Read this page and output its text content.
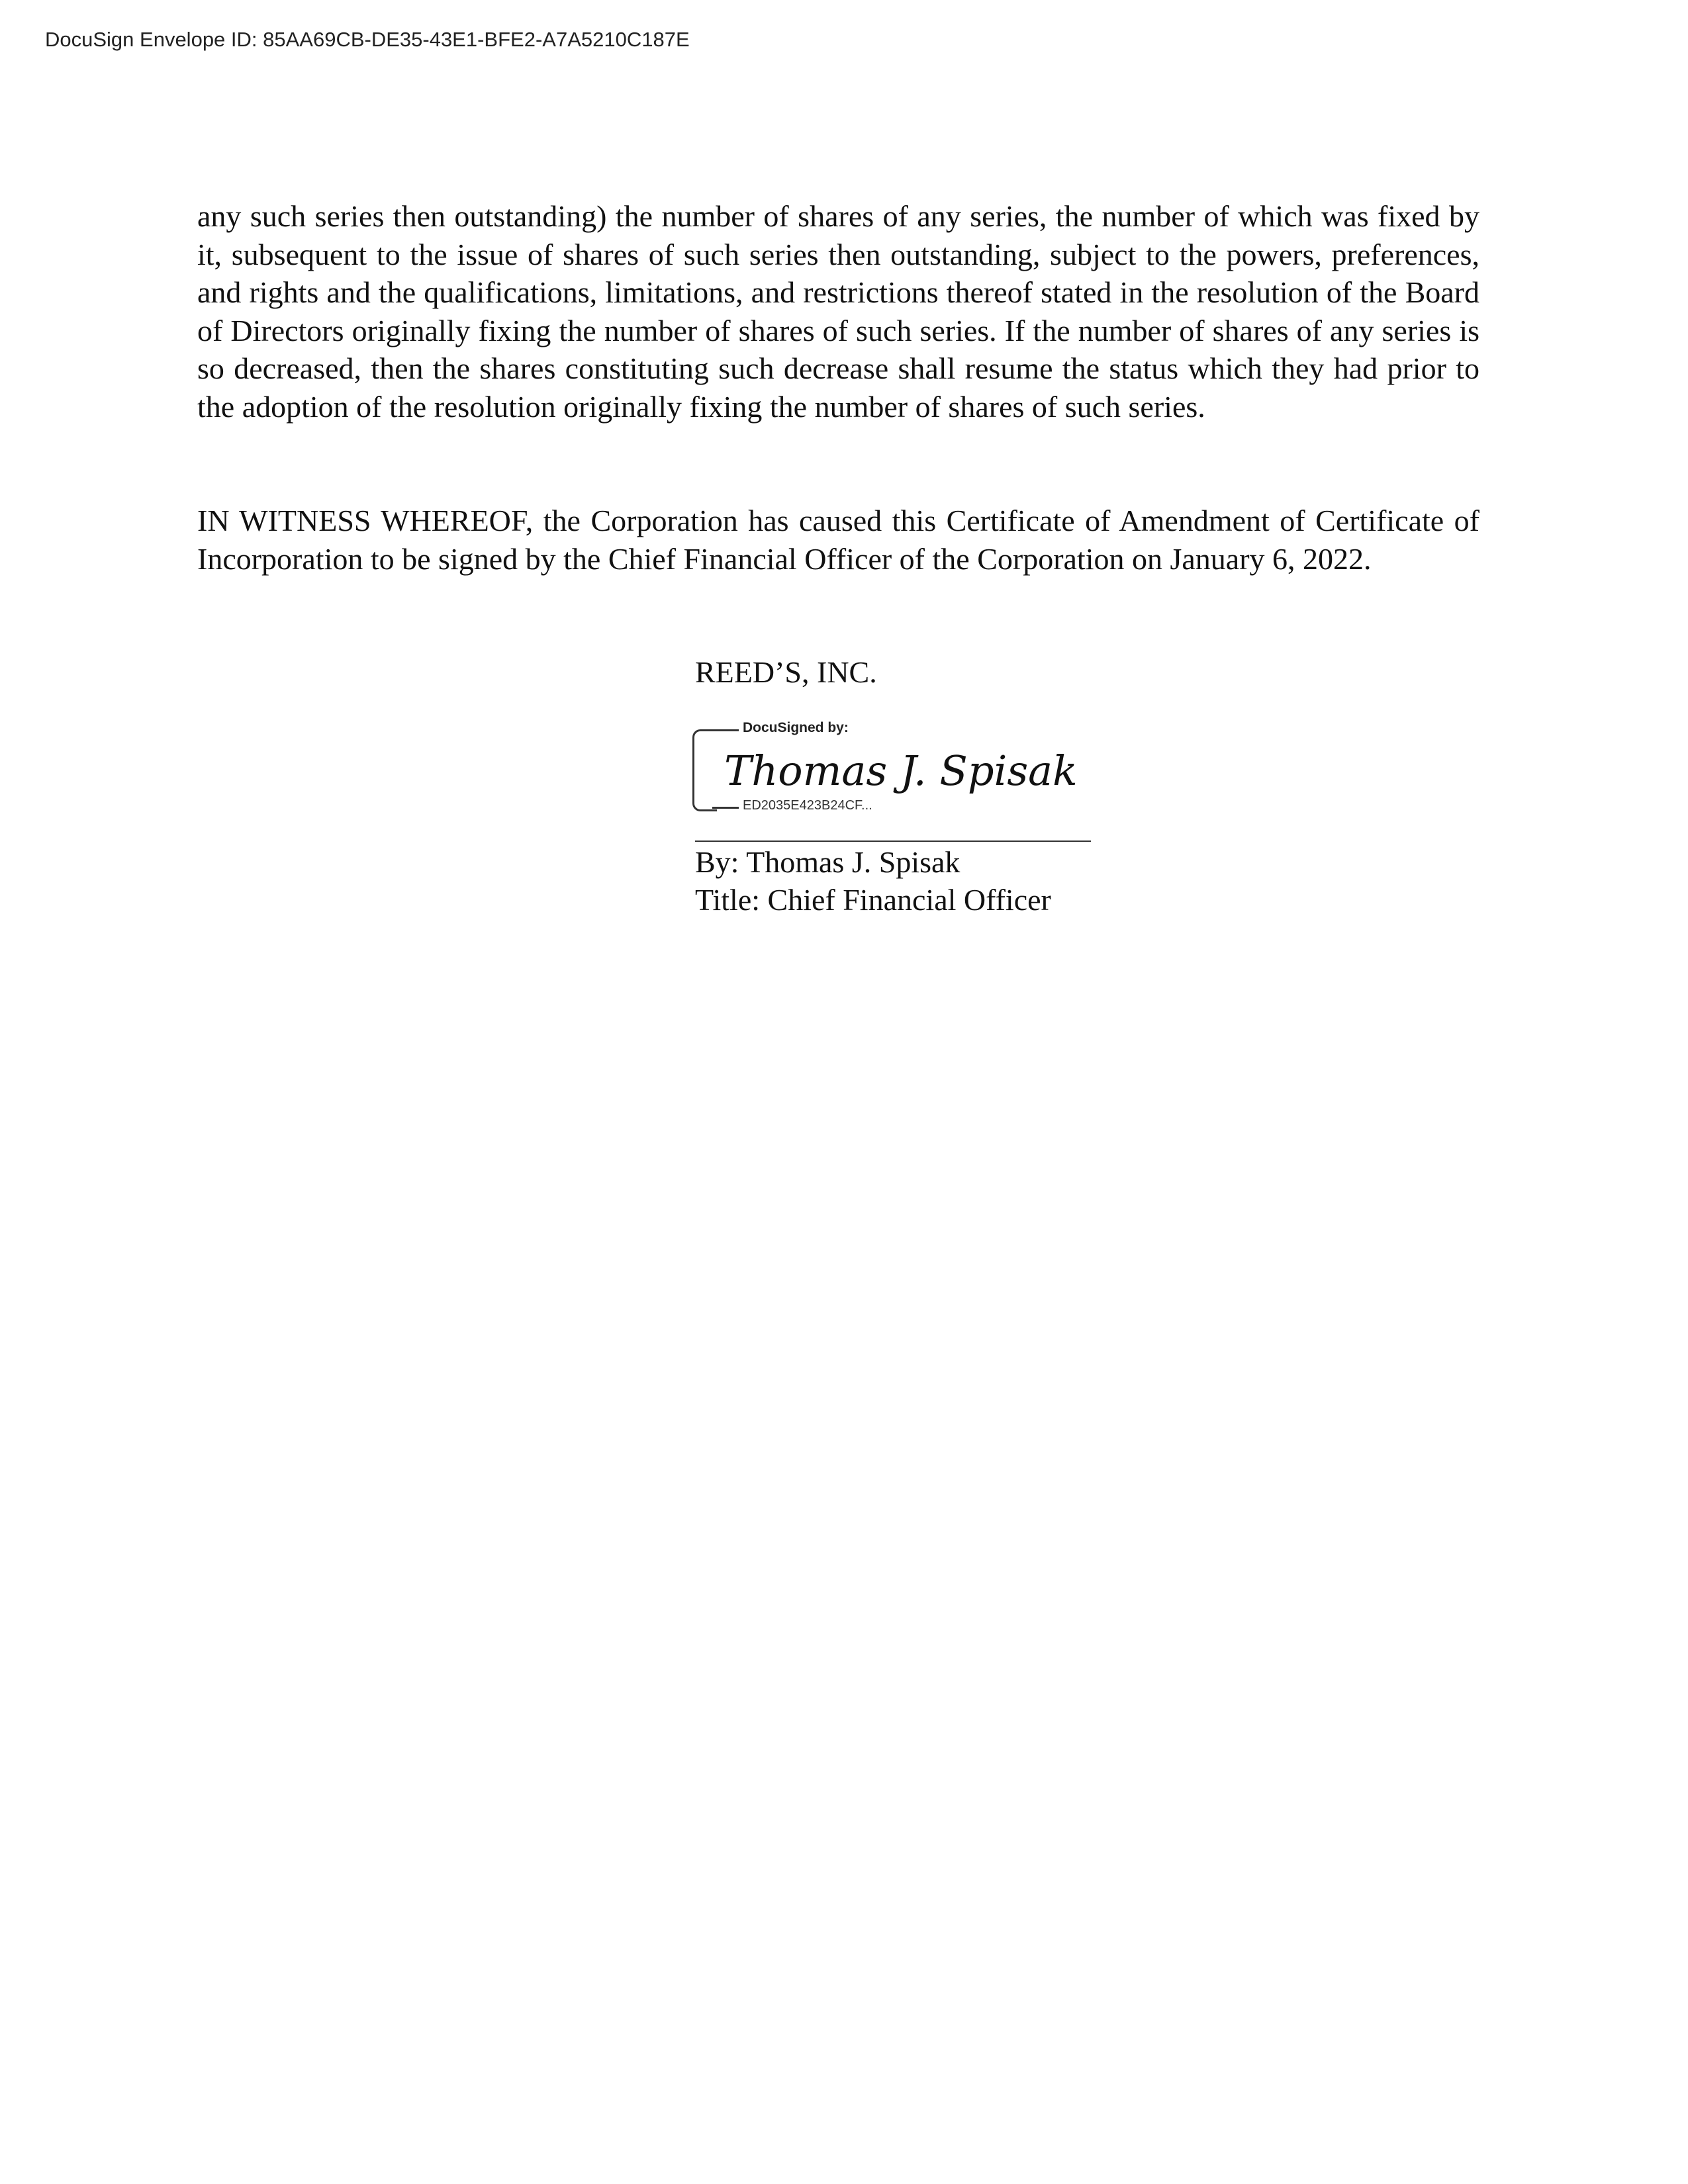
DocuSign Envelope ID: 85AA69CB-DE35-43E1-BFE2-A7A5210C187E

any such series then outstanding) the number of shares of any series, the number of which was fixed by it, subsequent to the issue of shares of such series then outstanding, subject to the powers, preferences, and rights and the qualifications, limitations, and restrictions thereof stated in the resolution of the Board of Directors originally fixing the number of shares of such series. If the number of shares of any series is so decreased, then the shares constituting such decrease shall resume the status which they had prior to the adoption of the resolution originally fixing the number of shares of such series.

IN WITNESS WHEREOF, the Corporation has caused this Certificate of Amendment of Certificate of Incorporation to be signed by the Chief Financial Officer of the Corporation on January 6, 2022.

REED’S, INC.
DocuSigned by:
Thomas J. Spisak
ED2035E423B24CF...
By: Thomas J. Spisak
Title: Chief Financial Officer
